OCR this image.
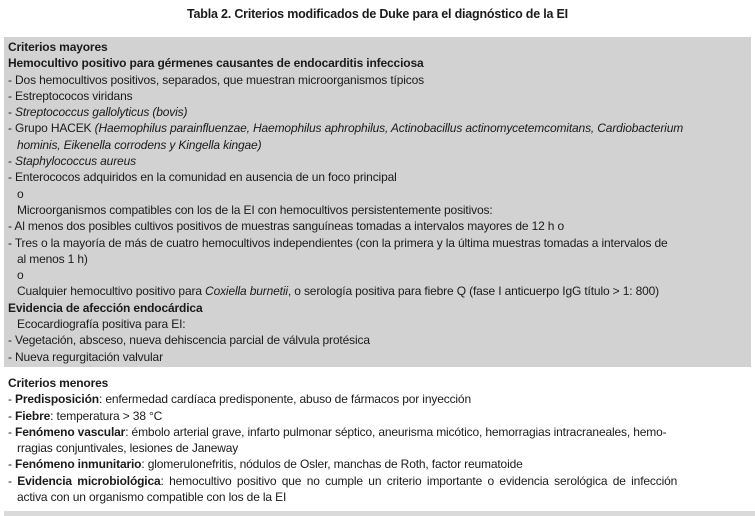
Tabla 2. Criterios modificados de Duke para el diagnóstico de la EI
Criterios mayores
Hemocultivo positivo para gérmenes causantes de endocarditis infecciosa
- Dos hemocultivos positivos, separados, que muestran microorganismos típicos
- Estreptococos viridans
- Streptococcus gallolyticus (bovis)
- Grupo HACEK (Haemophilus parainfluenzae, Haemophilus aphrophilus, Actinobacillus actinomycetemcomitans, Cardiobacterium
hominis, Eikenella corrodens y Kingella kingae)
- Staphylococcus aureus
- Enterococos adquiridos en la comunidad en ausencia de un foco principal
o
Microorganismos compatibles con los de la EI con hemocultivos persistentemente positivos:
- Al menos dos posibles cultivos positivos de muestras sanguíneas tomadas a intervalos mayores de 12 h o
- Tres o la mayoría de más de cuatro hemocultivos independientes (con la primera y la última muestras tomadas a intervalos de
al menos 1 h)
o
Cualquier hemocultivo positivo para Coxiella burnetii, o serología positiva para fiebre Q (fase I anticuerpo IgG título > 1: 800)
Evidencia de afección endocárdica
Ecocardiografía positiva para EI:
- Vegetación, absceso, nueva dehiscencia parcial de válvula protésica
- Nueva regurgitación valvular
Criterios menores
- Predisposición: enfermedad cardíaca predisponente, abuso de fármacos por inyección
- Fiebre: temperatura > 38 °C
- Fenómeno vascular: émbolo arterial grave, infarto pulmonar séptico, aneurisma micótico, hemorragias intracraneales, hemo-
rragias conjuntivales, lesiones de Janeway
- Fenómeno inmunitario: glomerulonefritis, nódulos de Osler, manchas de Roth, factor reumatoide
- Evidencia microbiológica: hemocultivo positivo que no cumple un criterio importante o evidencia serológica de infección
activa con un organismo compatible con los de la EI
